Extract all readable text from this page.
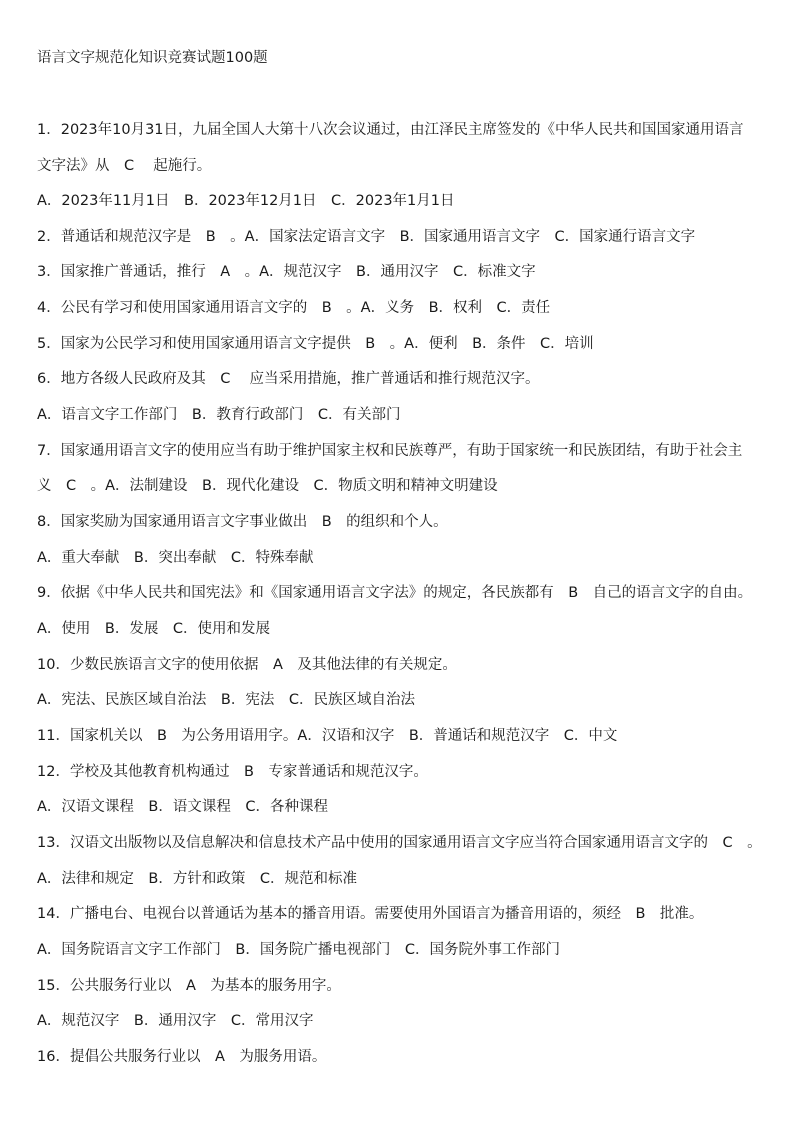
语言文字规范化知识竞赛试题100题
1．2023年10月31日，九届全国人大第十八次会议通过，由江泽民主席签发的《中华人民共和国国家通用语言
文字法》从　C　 起施行。
A．2023年11月1日　B．2023年12月1日　C．2023年1月1日
2．普通话和规范汉字是　B　。A．国家法定语言文字　B．国家通用语言文字　C．国家通行语言文字
3．国家推广普通话，推行　A　。A．规范汉字　B．通用汉字　C．标准文字
4．公民有学习和使用国家通用语言文字的　B　。A．义务　B．权利　C．责任
5．国家为公民学习和使用国家通用语言文字提供　B　。A．便利　B．条件　C．培训
6．地方各级人民政府及其　C　 应当采用措施，推广普通话和推行规范汉字。
A．语言文字工作部门　B．教育行政部门　C．有关部门
7．国家通用语言文字的使用应当有助于维护国家主权和民族尊严，有助于国家统一和民族团结，有助于社会主
义　C　。A．法制建设　B．现代化建设　C．物质文明和精神文明建设
8．国家奖励为国家通用语言文字事业做出　B　的组织和个人。
A．重大奉献　B．突出奉献　C．特殊奉献
9．依据《中华人民共和国宪法》和《国家通用语言文字法》的规定，各民族都有　B　自己的语言文字的自由。
A．使用　B．发展　C．使用和发展
10．少数民族语言文字的使用依据　A　及其他法律的有关规定。
A．宪法、民族区域自治法　B．宪法　C．民族区域自治法
11．国家机关以　B　为公务用语用字。A．汉语和汉字　B．普通话和规范汉字　C．中文
12．学校及其他教育机构通过　B　专家普通话和规范汉字。
A．汉语文课程　B．语文课程　C．各种课程
13．汉语文出版物以及信息解决和信息技术产品中使用的国家通用语言文字应当符合国家通用语言文字的　C　。
A．法律和规定　B．方针和政策　C．规范和标准
14．广播电台、电视台以普通话为基本的播音用语。需要使用外国语言为播音用语的，须经　B　批准。
A．国务院语言文字工作部门　B．国务院广播电视部门　C．国务院外事工作部门
15．公共服务行业以　A　为基本的服务用字。
A．规范汉字　B．通用汉字　C．常用汉字
16．提倡公共服务行业以　A　为服务用语。
